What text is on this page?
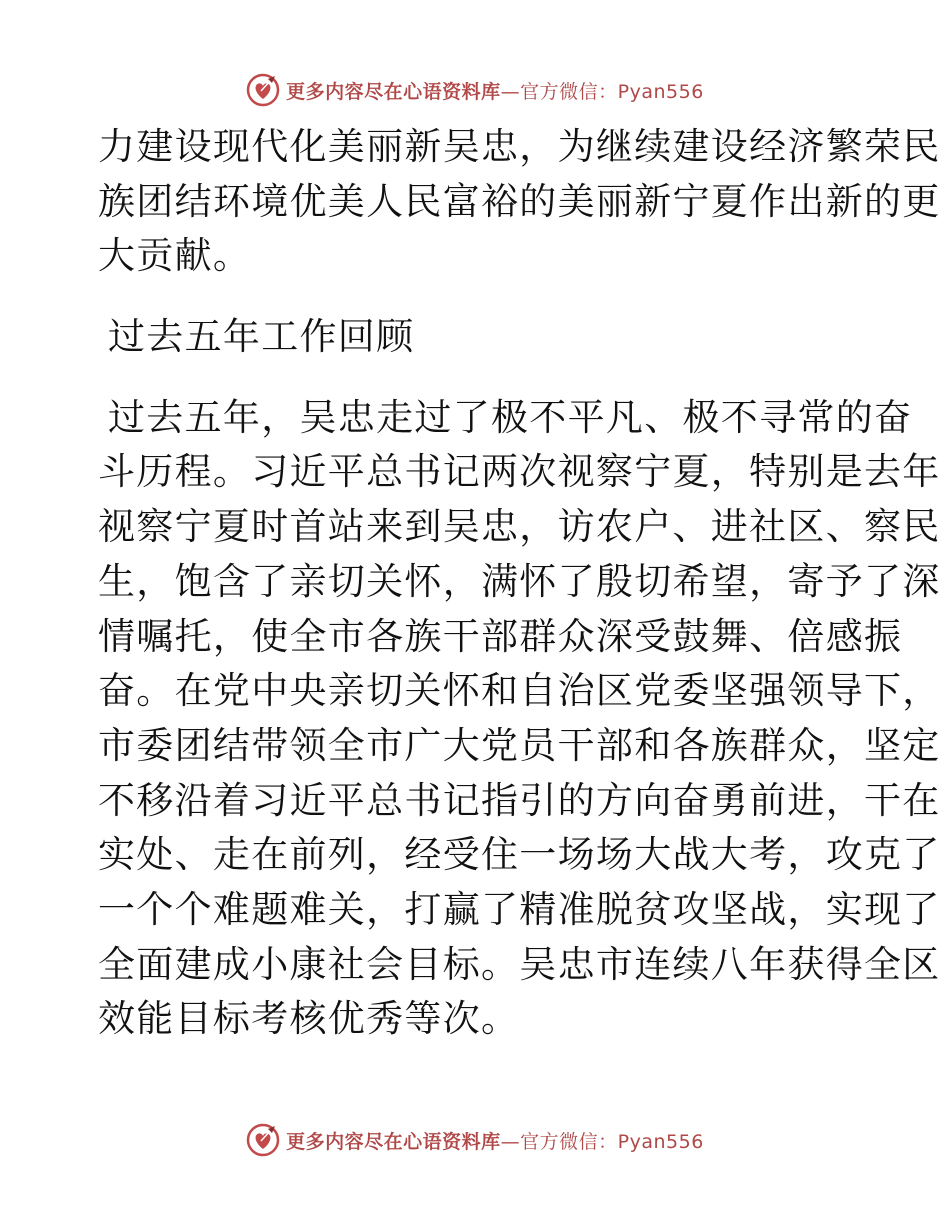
更多内容尽在心语资料库—官方微信：Pyan556
力建设现代化美丽新吴忠，为继续建设经济繁荣民
族团结环境优美人民富裕的美丽新宁夏作出新的更
大贡献。
过去五年工作回顾
过去五年，吴忠走过了极不平凡、极不寻常的奋
斗历程。习近平总书记两次视察宁夏，特别是去年
视察宁夏时首站来到吴忠，访农户、进社区、察民
生，饱含了亲切关怀，满怀了殷切希望，寄予了深
情嘱托，使全市各族干部群众深受鼓舞、倍感振
奋。在党中央亲切关怀和自治区党委坚强领导下，
市委团结带领全市广大党员干部和各族群众，坚定
不移沿着习近平总书记指引的方向奋勇前进，干在
实处、走在前列，经受住一场场大战大考，攻克了
一个个难题难关，打赢了精准脱贫攻坚战，实现了
全面建成小康社会目标。吴忠市连续八年获得全区
效能目标考核优秀等次。
更多内容尽在心语资料库—官方微信：Pyan556
